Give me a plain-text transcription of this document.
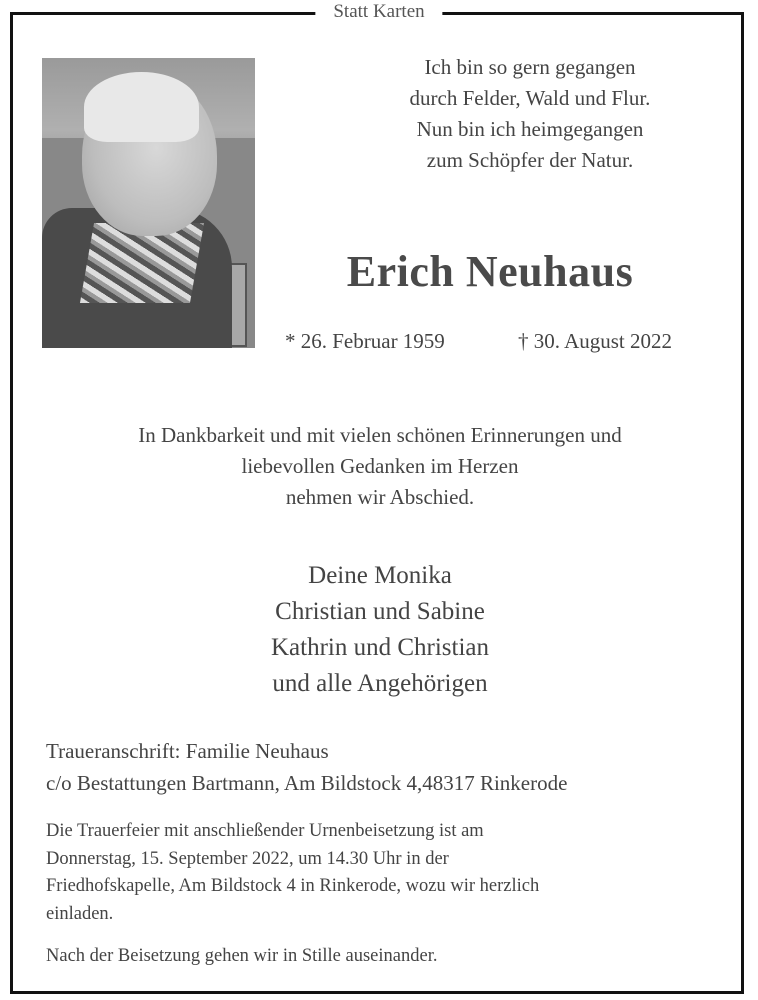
Statt Karten
Ich bin so gern gegangen
durch Felder, Wald und Flur.
Nun bin ich heimgegangen
zum Schöpfer der Natur.
Erich Neuhaus
* 26. Februar 1959	† 30. August 2022
In Dankbarkeit und mit vielen schönen Erinnerungen und
liebevollen Gedanken im Herzen
nehmen wir Abschied.
Deine Monika
Christian und Sabine
Kathrin und Christian
und alle Angehörigen
Traueranschrift: Familie Neuhaus
c/o Bestattungen Bartmann, Am Bildstock 4,48317 Rinkerode
Die Trauerfeier mit anschließender Urnenbeisetzung ist am
Donnerstag, 15. September 2022, um 14.30 Uhr in der
Friedhofskapelle, Am Bildstock 4 in Rinkerode, wozu wir herzlich
einladen.
Nach der Beisetzung gehen wir in Stille auseinander.
